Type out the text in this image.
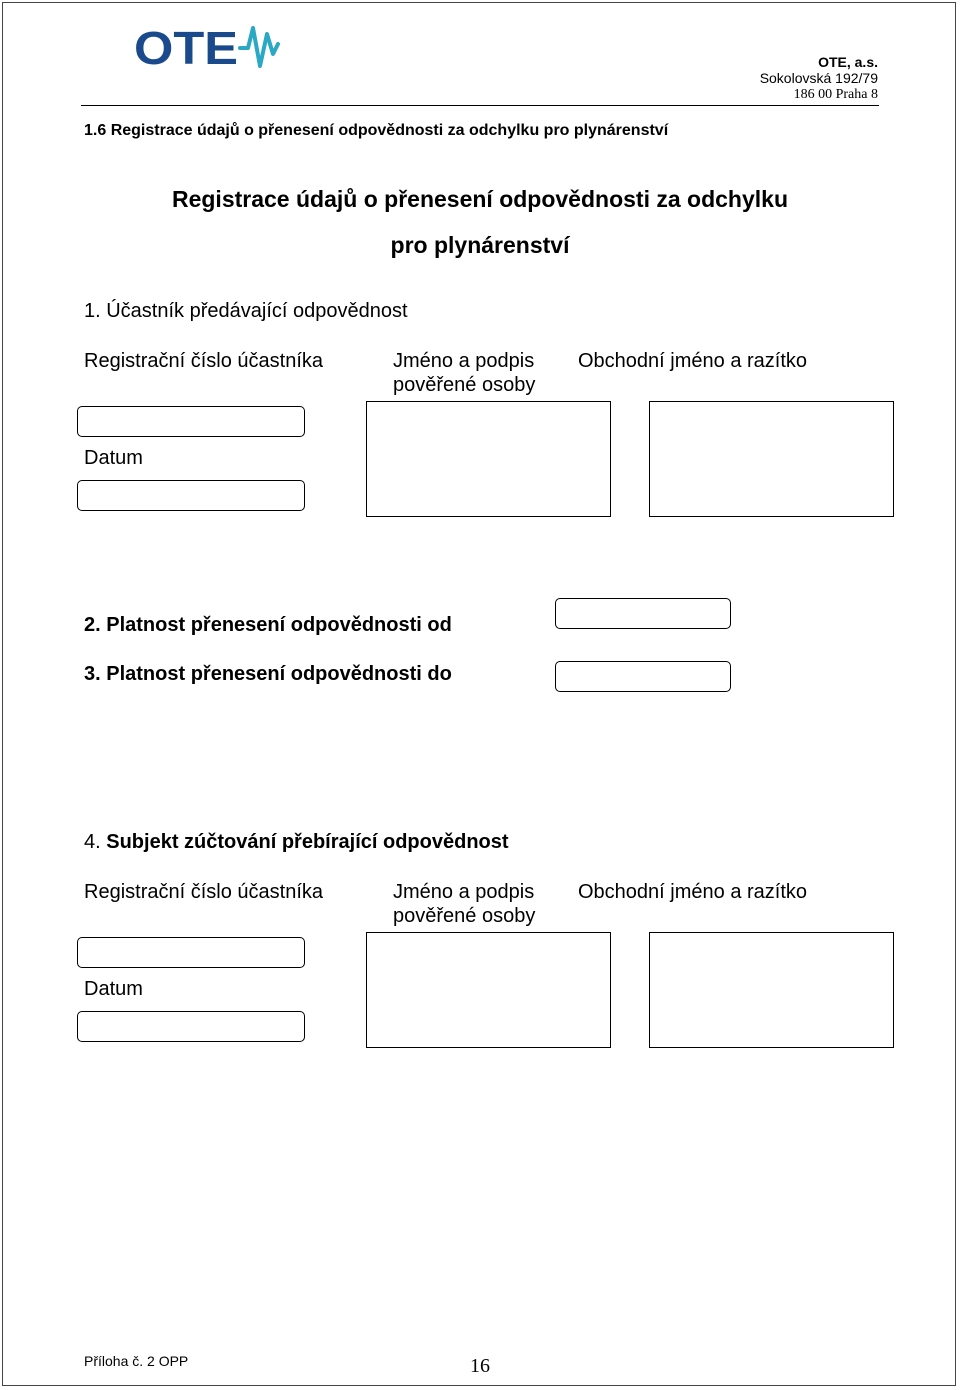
OTE	OTE, a.s.
Sokolovská 192/79
186 00 Praha 8
1.6 Registrace údajů o přenesení odpovědnosti za odchylku pro plynárenství
Registrace údajů o přenesení odpovědnosti za odchylku
pro plynárenství
1. Účastník předávající odpovědnost
Registrační číslo účastníka	Jméno a podpis
pověřené osoby
Obchodní jméno a razítko
Datum
2. Platnost přenesení odpovědnosti od
3. Platnost přenesení odpovědnosti do
4. Subjekt zúčtování přebírající odpovědnost
Registrační číslo účastníka	Jméno a podpis
pověřené osoby
Obchodní jméno a razítko
Datum
Příloha č. 2 OPP	16
